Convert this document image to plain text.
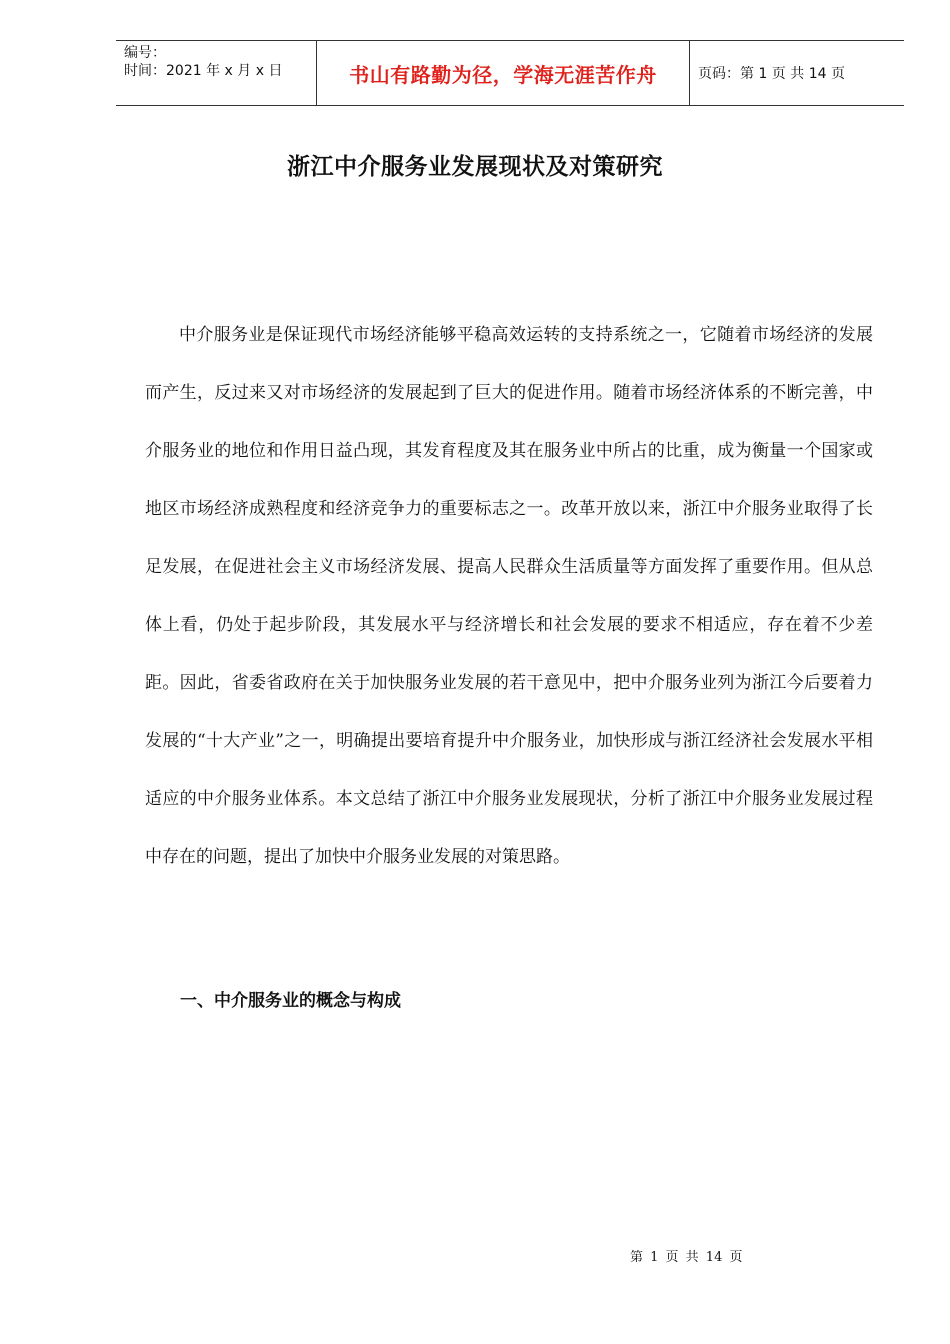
编号：
时间：2021 年 x 月 x 日	书山有路勤为径，学海无涯苦作舟	页码：第 1 页 共 14 页
浙江中介服务业发展现状及对策研究

中介服务业是保证现代市场经济能够平稳高效运转的支持系统之一，它随着市场经济的发展而产生，反过来又对市场经济的发展起到了巨大的促进作用。随着市场经济体系的不断完善，中介服务业的地位和作用日益凸现，其发育程度及其在服务业中所占的比重，成为衡量一个国家或地区市场经济成熟程度和经济竞争力的重要标志之一。改革开放以来，浙江中介服务业取得了长足发展，在促进社会主义市场经济发展、提高人民群众生活质量等方面发挥了重要作用。但从总体上看，仍处于起步阶段，其发展水平与经济增长和社会发展的要求不相适应，存在着不少差距。因此，省委省政府在关于加快服务业发展的若干意见中，把中介服务业列为浙江今后要着力发展的“十大产业”之一，明确提出要培育提升中介服务业，加快形成与浙江经济社会发展水平相适应的中介服务业体系。本文总结了浙江中介服务业发展现状，分析了浙江中介服务业发展过程中存在的问题，提出了加快中介服务业发展的对策思路。

一、中介服务业的概念与构成
第 1 页 共 14 页
